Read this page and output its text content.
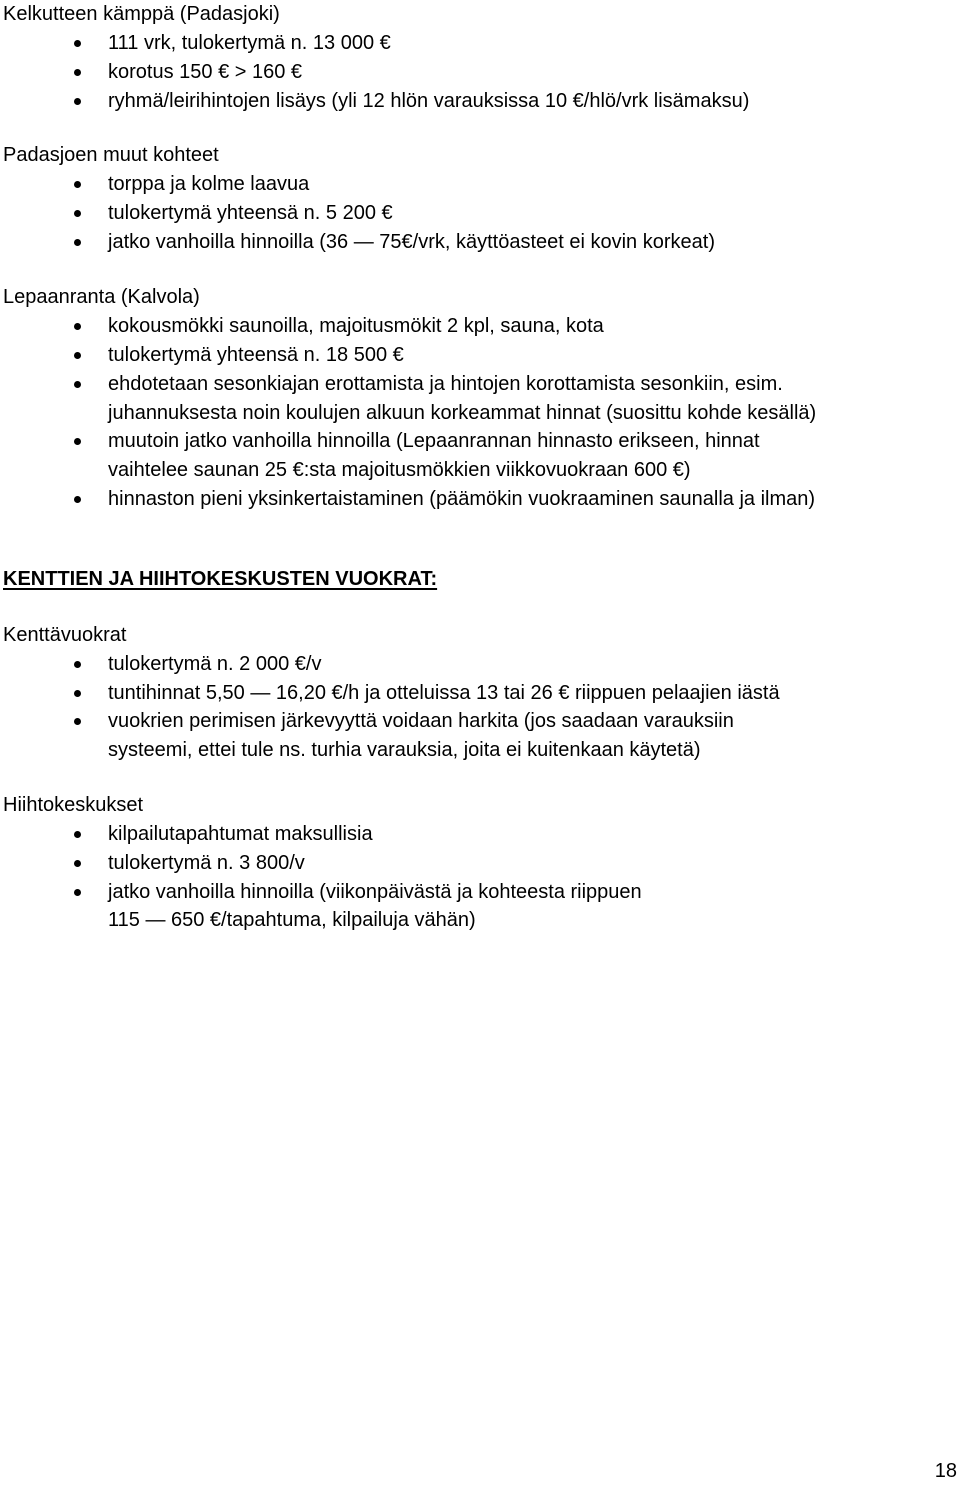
Kelkutteen kämppä (Padasjoki)
111 vrk, tulokertymä n. 13 000 €
korotus 150 € > 160 €
ryhmä/leirihintojen lisäys (yli 12 hlön varauksissa 10 €/hlö/vrk lisämaksu)
Padasjoen muut kohteet
torppa ja kolme laavua
tulokertymä yhteensä n. 5 200 €
jatko vanhoilla hinnoilla (36 — 75€/vrk, käyttöasteet ei kovin korkeat)
Lepaanranta (Kalvola)
kokousmökki saunoilla, majoitusmökit 2 kpl, sauna, kota
tulokertymä yhteensä n. 18 500 €
ehdotetaan sesonkiajan erottamista ja hintojen korottamista sesonkiin, esim.
juhannuksesta noin koulujen alkuun korkeammat hinnat (suosittu kohde kesällä)
muutoin jatko vanhoilla hinnoilla (Lepaanrannan hinnasto erikseen, hinnat
vaihtelee saunan 25 €:sta majoitusmökkien viikkovuokraan 600 €)
hinnaston pieni yksinkertaistaminen (päämökin vuokraaminen saunalla ja ilman)
KENTTIEN JA HIIHTOKESKUSTEN VUOKRAT:
Kenttävuokrat
tulokertymä n. 2 000 €/v
tuntihinnat 5,50 — 16,20 €/h ja otteluissa 13 tai 26 € riippuen pelaajien iästä
vuokrien perimisen järkevyyttä voidaan harkita (jos saadaan varauksiin
systeemi, ettei tule ns. turhia varauksia, joita ei kuitenkaan käytetä)
Hiihtokeskukset
kilpailutapahtumat maksullisia
tulokertymä n. 3 800/v
jatko vanhoilla hinnoilla (viikonpäivästä ja kohteesta riippuen
115 — 650 €/tapahtuma, kilpailuja vähän)
18
